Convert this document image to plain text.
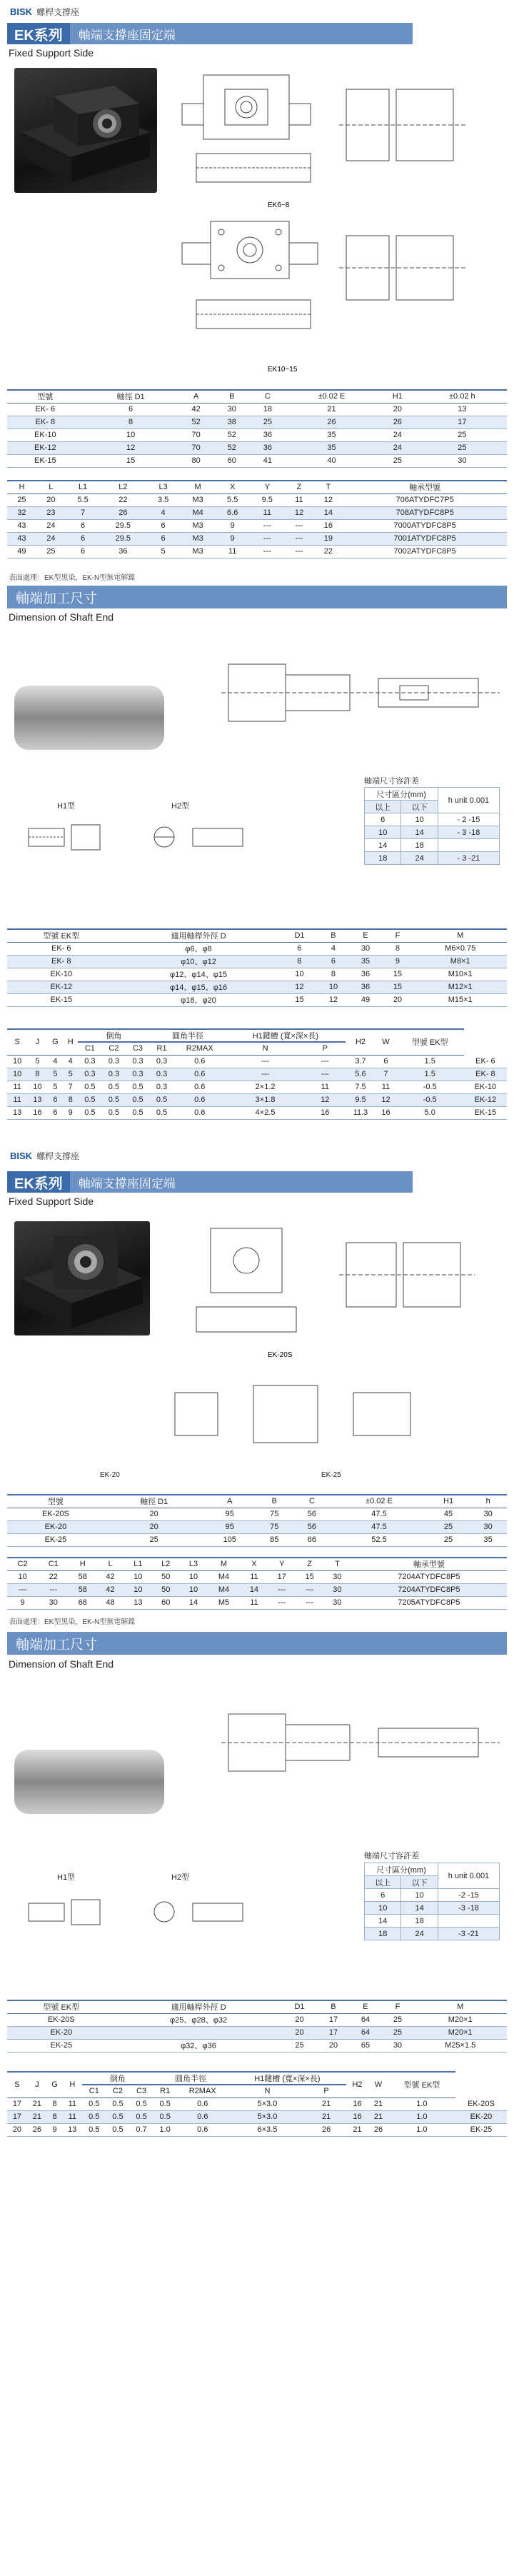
BISK 螺桿支撐座
EK系列	軸端支撐座固定端
Fixed Support Side
EK6~8
EK10~15
型號	軸徑 D1	A	B	C	±0.02 E	H1	±0.02 h
EK- 6	6	42	30	18	21	20	13
EK- 8	8	52	38	25	26	26	17
EK-10	10	70	52	36	35	24	25
EK-12	12	70	52	36	35	24	25
EK-15	15	80	60	41	40	25	30
H	L	L1	L2	L3	M	X	Y	Z	T	軸承型號
25	20	5.5	22	3.5	M3	5.5	9.5	11	12	706ATYDFC7P5
32	23	7	26	4	M4	6.6	11	12	14	708ATYDFC8P5
43	24	6	29.5	6	M3	9	---	---	16	7000ATYDFC8P5
43	24	6	29.5	6	M3	9	---	---	19	7001ATYDFC8P5
49	25	6	36	5	M3	11	---	---	22	7002ATYDFC8P5
表面處理：EK型黑染，EK-N型無電解鎳
軸端加工尺寸
Dimension of Shaft End
軸端尺寸容許差
尺寸區分(mm)		h unit 0.001
以上	以下	
6	10	- 2 -15
10	14	- 3 -18
14	18	
18	24	- 3 -21
H1型	H2型
型號 EK型	適用軸桿外徑 D	D1	B	E	F	M
EK- 6	φ6、φ8	6	4	30	8	M6×0.75
EK- 8	φ10、φ12	8	6	35	9	M8×1
EK-10	φ12、φ14、φ15	10	8	36	15	M10×1
EK-12	φ14、φ15、φ16	12	10	36	15	M12×1
EK-15	φ18、φ20	15	12	49	20	M15×1
S	J	G	H	倒角			圓角半徑		H1鍵槽 (寬×深×長)		H2	W	型號 EK型	
				C1	C2	C3	R1	R2MAX	N	P				
10	5	4	4	0.3	0.3	0.3	0.3	0.6	---	---	3.7	6	1.5	EK- 6
10	8	5	5	0.3	0.3	0.3	0.3	0.6	---	---	5.6	7	1.5	EK- 8
11	10	5	7	0.5	0.5	0.5	0.3	0.6	2×1.2	11	7.5	11	-0.5	EK-10
11	13	6	8	0.5	0.5	0.5	0.5	0.6	3×1.8	12	9.5	12	-0.5	EK-12
13	16	6	9	0.5	0.5	0.5	0.5	0.6	4×2.5	16	11.3	16	5.0	EK-15
BISK 螺桿支撐座
EK系列	軸端支撐座固定端
Fixed Support Side
EK-20S
EK-20	EK-25
型號	軸徑 D1	A	B	C	±0.02 E	H1	h
EK-20S	20	95	75	56	47.5	45	30
EK-20	20	95	75	56	47.5	25	30
EK-25	25	105	85	66	52.5	25	35
C2	C1	H	L	L1	L2	L3	M	X	Y	Z	T	軸承型號
10	22	58	42	10	50	10	M4	11	17	15	30	7204ATYDFC8P5
---	---	58	42	10	50	10	M4	14	---	---	30	7204ATYDFC8P5
9	30	68	48	13	60	14	M5	11	---	---	30	7205ATYDFC8P5
表面處理：EK型黑染，EK-N型無電解鎳
軸端加工尺寸
Dimension of Shaft End
軸端尺寸容許差
尺寸區分(mm)		h unit 0.001
以上	以下	
6	10	-2 -15
10	14	-3 -18
14	18	
18	24	-3 -21
H1型	H2型
型號 EK型	適用軸桿外徑 D	D1	B	E	F	M
EK-20S	φ25、φ28、φ32	20	17	64	25	M20×1
EK-20		20	17	64	25	M20×1
EK-25	φ32、φ36	25	20	65	30	M25×1.5
S	J	G	H	倒角			圓角半徑		H1鍵槽 (寬×深×長)		H2	W	型號 EK型	
				C1	C2	C3	R1	R2MAX	N	P				
17	21	8	11	0.5	0.5	0.5	0.5	0.6	5×3.0	21	16	21	1.0	EK-20S
17	21	8	11	0.5	0.5	0.5	0.5	0.6	5×3.0	21	16	21	1.0	EK-20
20	26	9	13	0.5	0.5	0.7	1.0	0.6	6×3.5	26	21	26	1.0	EK-25
